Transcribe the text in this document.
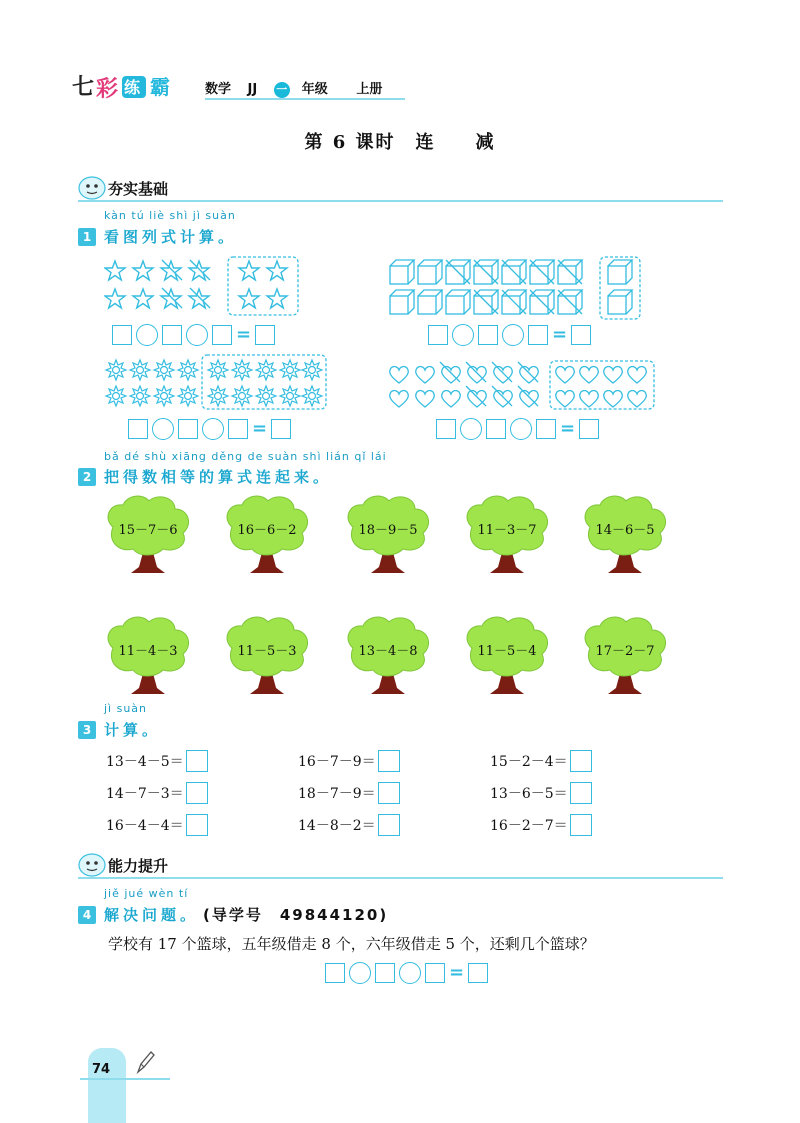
七 彩 练 霸	数学 JJ 一 年级 上册
第 6 课时　连　　减
夯实基础
kàn tú liè shì jì suàn
1 看图列式计算。
=	=
=	=
bǎ dé shù xiāng děng de suàn shì lián qǐ lái
2 把得数相等的算式连起来。
15－7－6	16－6－2	18－9－5	11－3－7	14－6－5
11－4－3	11－5－3	13－4－8	11－5－4	17－2－7
jì suàn
3 计算。
13－4－5＝	16－7－9＝	15－2－4＝
14－7－3＝	18－7－9＝	13－6－5＝
16－4－4＝	14－8－2＝	16－2－7＝
能力提升
jiě jué wèn tí
4 解决问题。 (导学号　49844120)
学校有 17 个篮球，五年级借走 8 个，六年级借走 5 个，还剩几个篮球？
=
74
